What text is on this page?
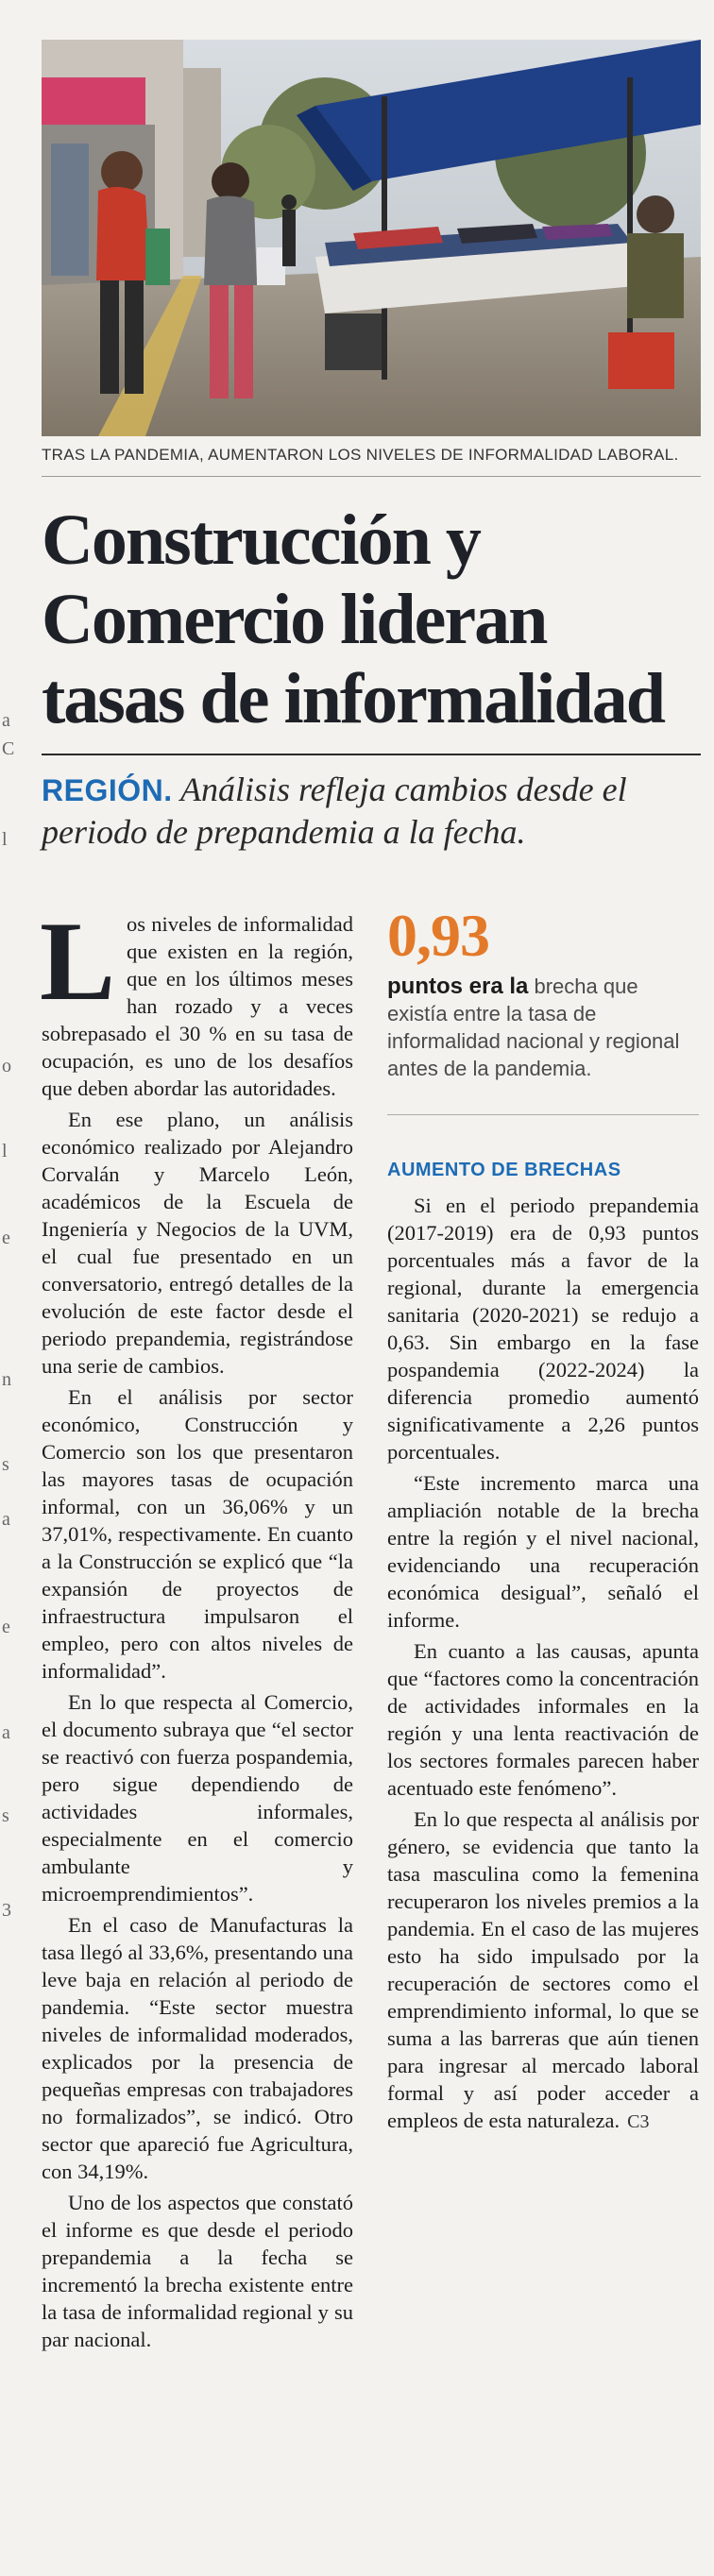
a
C
l
o
l
e
n
s
a
e
a
s
3
TRAS LA PANDEMIA, AUMENTARON LOS NIVELES DE INFORMALIDAD LABORAL.
Construcción y Comercio lideran tasas de informalidad
REGIÓN. Análisis refleja cambios desde el periodo de prepandemia a la fecha.

Los niveles de informalidad que existen en la región, que en los últimos meses han rozado y a veces sobrepasado el 30 % en su tasa de ocupación, es uno de los desafíos que deben abordar las autoridades.

En ese plano, un análisis económico realizado por Alejandro Corvalán y Marcelo León, académicos de la Escuela de Ingeniería y Negocios de la UVM, el cual fue presentado en un conversatorio, entregó detalles de la evolución de este factor desde el periodo prepandemia, registrándose una serie de cambios.

En el análisis por sector económico, Construcción y Comercio son los que presentaron las mayores tasas de ocupación informal, con un 36,06% y un 37,01%, respectivamente. En cuanto a la Construcción se explicó que “la expansión de proyectos de infraestructura impulsaron el empleo, pero con altos niveles de informalidad”.

En lo que respecta al Comercio, el documento subraya que “el sector se reactivó con fuerza pospandemia, pero sigue dependiendo de actividades informales, especialmente en el comercio ambulante y microemprendimientos”.

En el caso de Manufacturas la tasa llegó al 33,6%, presentando una leve baja en relación al periodo de pandemia. “Este sector muestra niveles de informalidad moderados, explicados por la presencia de pequeñas empresas con trabajadores no formalizados”, se indicó. Otro sector que apareció fue Agricultura, con 34,19%.

Uno de los aspectos que constató el informe es que desde el periodo prepandemia a la fecha se incrementó la brecha existente entre la tasa de informalidad regional y su par nacional.

0,93
puntos era la brecha que existía entre la tasa de informalidad nacional y regional antes de la pandemia.
AUMENTO DE BRECHAS

Si en el periodo prepandemia (2017-2019) era de 0,93 puntos porcentuales más a favor de la regional, durante la emergencia sanitaria (2020-2021) se redujo a 0,63. Sin embargo en la fase pospandemia (2022-2024) la diferencia promedio aumentó significativamente a 2,26 puntos porcentuales.

“Este incremento marca una ampliación notable de la brecha entre la región y el nivel nacional, evidenciando una recuperación económica desigual”, señaló el informe.

En cuanto a las causas, apunta que “factores como la concentración de actividades informales en la región y una lenta reactivación de los sectores formales parecen haber acentuado este fenómeno”.

En lo que respecta al análisis por género, se evidencia que tanto la tasa masculina como la femenina recuperaron los niveles premios a la pandemia. En el caso de las mujeres esto ha sido impulsado por la recuperación de sectores como el emprendimiento informal, lo que se suma a las barreras que aún tienen para ingresar al mercado laboral formal y así poder acceder a empleos de esta naturaleza. C3
